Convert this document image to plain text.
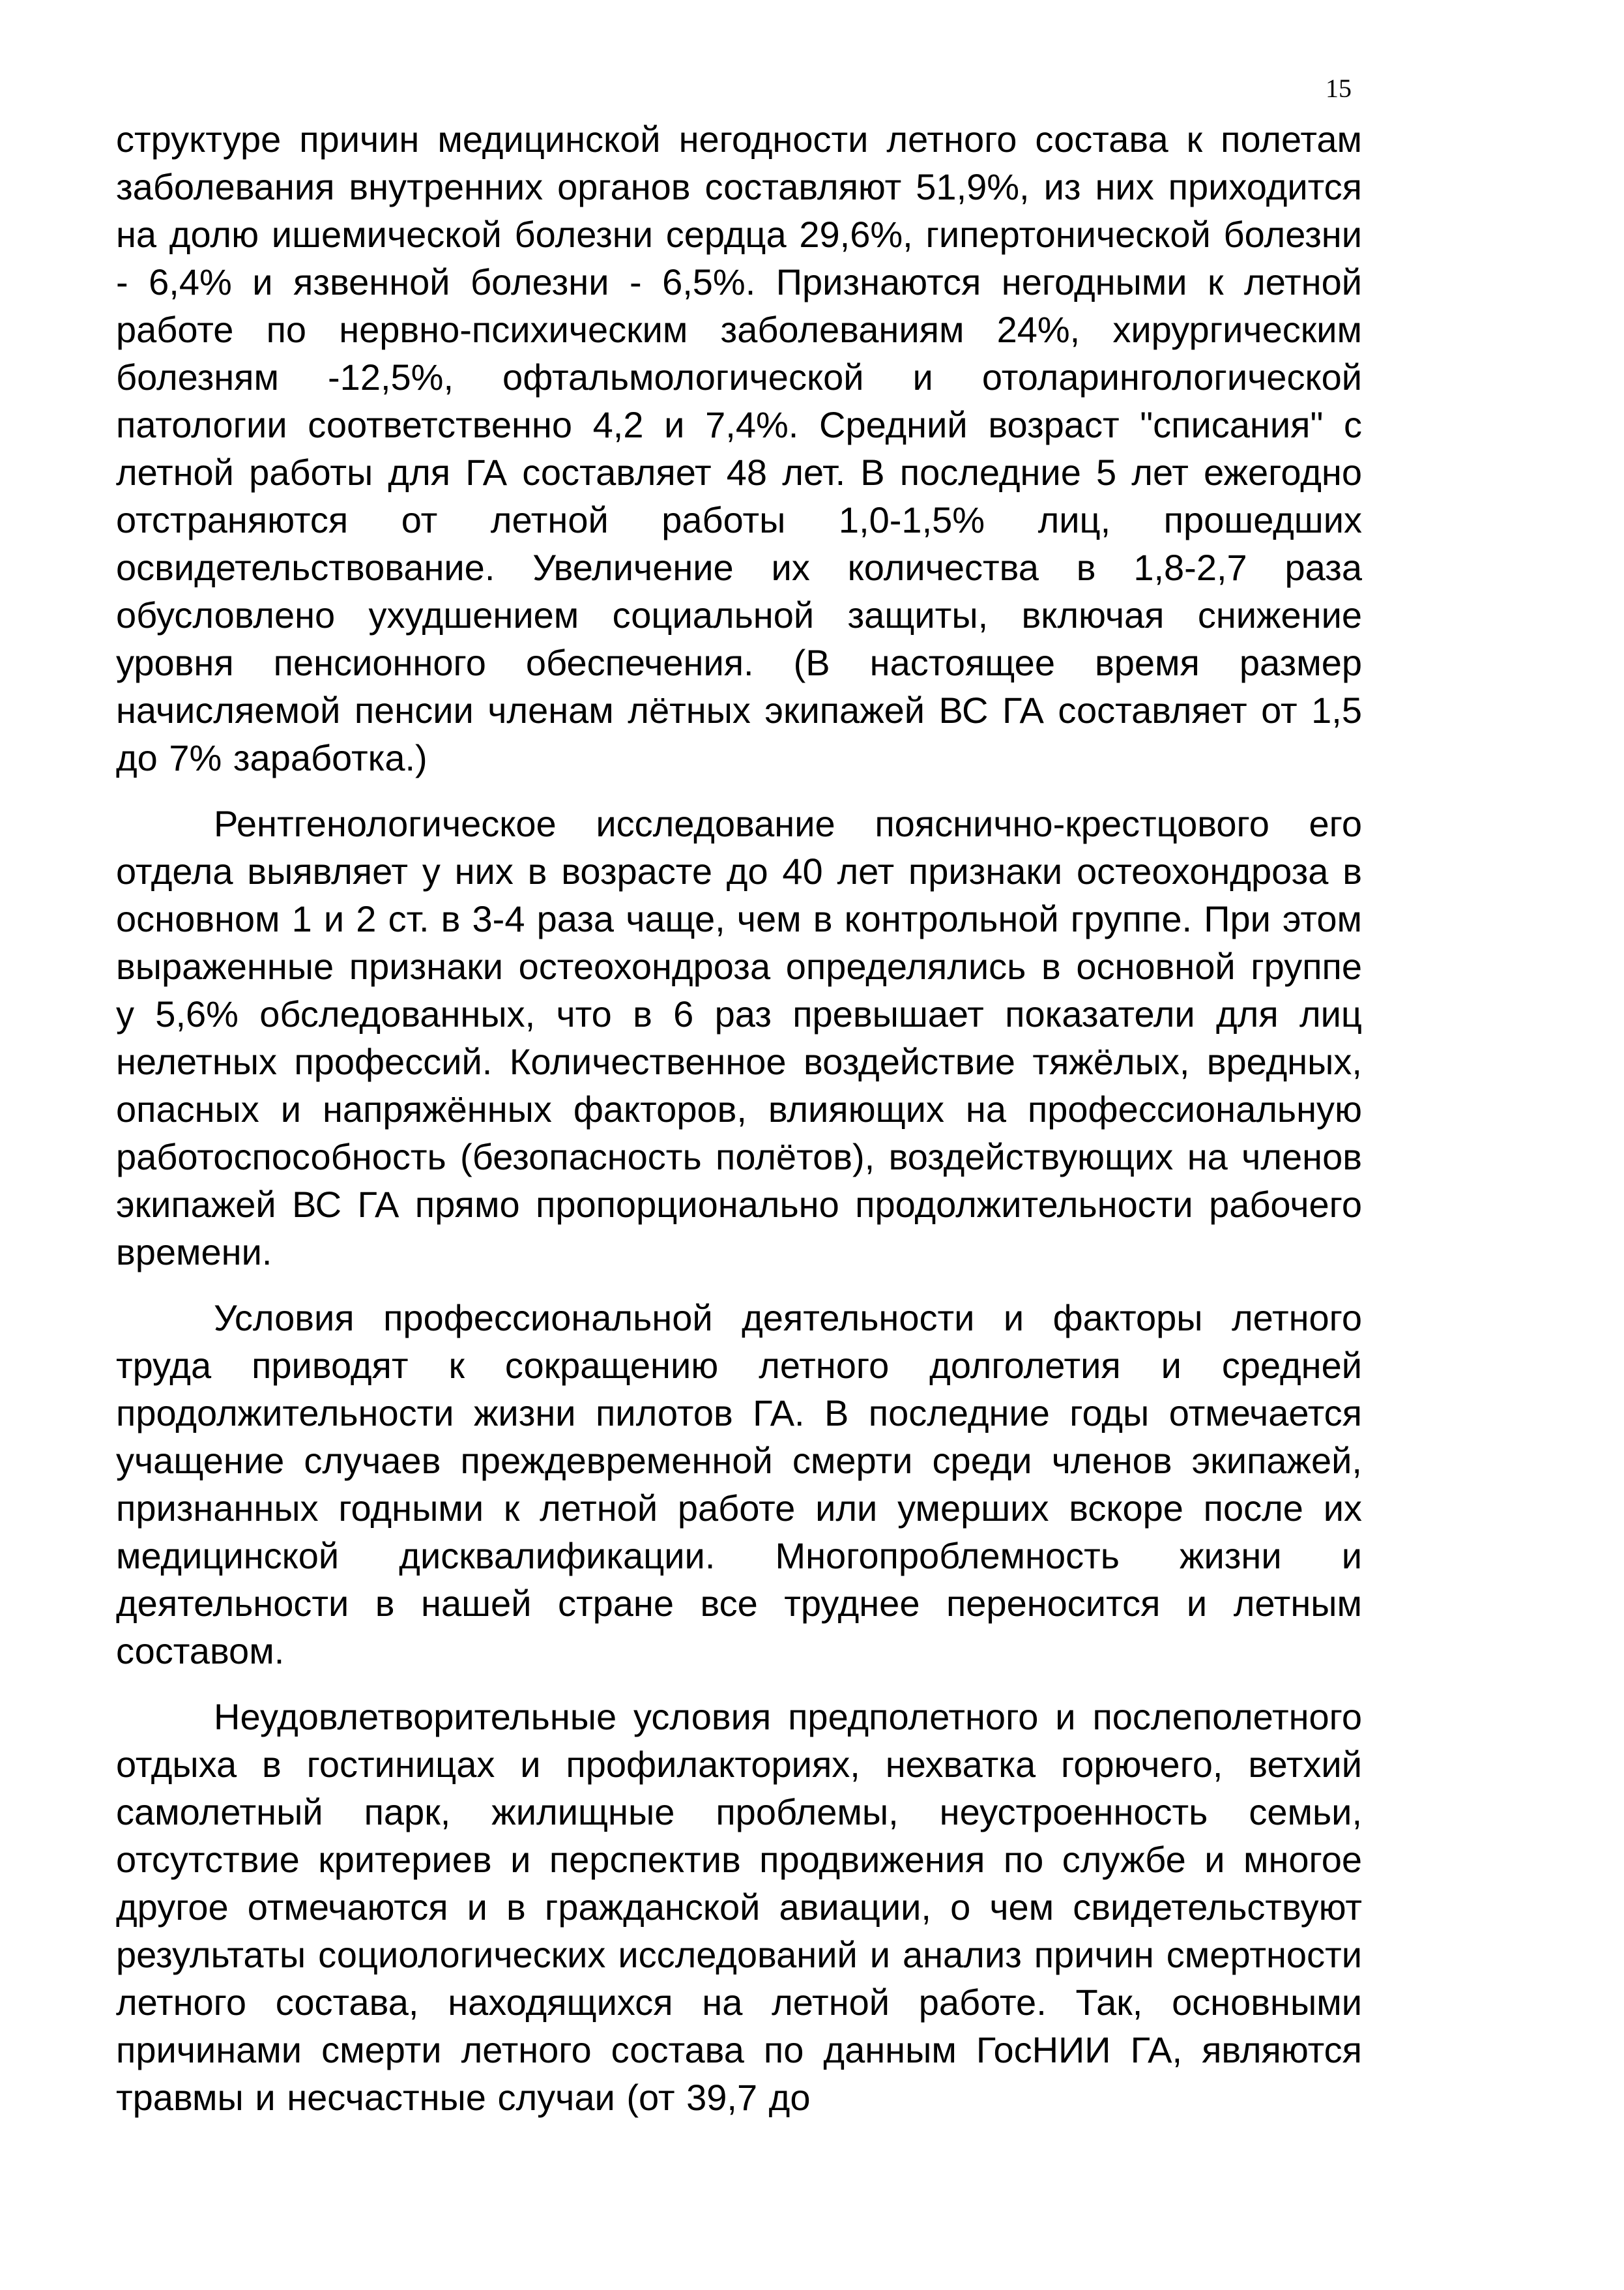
15

структуре причин медицинской негодности летного состава к полетам заболевания внутренних органов составляют 51,9%, из них приходится на долю ишемической болезни сердца 29,6%, гипертонической болезни - 6,4% и язвенной болезни - 6,5%. Признаются негодными к летной работе по нервно-психическим заболеваниям 24%, хирургическим болезням -12,5%, офтальмологической и отоларингологической патологии соответственно 4,2 и 7,4%. Средний возраст "списания" с летной работы для ГА составляет 48 лет. В последние 5 лет ежегодно отстраняются от летной работы 1,0-1,5% лиц, прошедших освидетельствование. Увеличение их количества в 1,8-2,7 раза обусловлено ухудшением социальной защиты, включая снижение уровня пенсионного обеспечения. (В настоящее время размер начисляемой пенсии членам лётных экипажей ВС ГА составляет от 1,5 до 7% заработка.)

Рентгенологическое исследование пояснично-крестцового его отдела выявляет у них в возрасте до 40 лет признаки остеохондроза в основном 1 и 2 ст. в 3-4 раза чаще, чем в контрольной группе. При этом выраженные признаки остеохондроза определялись в основной группе у 5,6% обследованных, что в 6 раз превышает показатели для лиц нелетных профессий. Количественное воздействие тяжёлых, вредных, опасных и напряжённых факторов, влияющих на профессиональную работоспособность (безопасность полётов), воздействующих на членов экипажей ВС ГА прямо пропорционально продолжительности рабочего времени.

Условия профессиональной деятельности и факторы летного труда приводят к сокращению летного долголетия и средней продолжительности жизни пилотов ГА. В последние годы отмечается учащение случаев преждевременной смерти среди членов экипажей, признанных годными к летной работе или умерших вскоре после их медицинской дисквалификации. Многопроблемность жизни и деятельности в нашей стране все труднее переносится и летным составом.

Неудовлетворительные условия предполетного и послеполетного отдыха в гостиницах и профилакториях, нехватка горючего, ветхий самолетный парк, жилищные проблемы, неустроенность семьи, отсутствие критериев и перспектив продвижения по службе и многое другое отмечаются и в гражданской авиации, о чем свидетельствуют результаты социологических исследований и анализ причин смертности летного состава, находящихся на летной работе. Так, основными причинами смерти летного состава по данным ГосНИИ ГА, являются травмы и несчастные случаи (от 39,7 до
